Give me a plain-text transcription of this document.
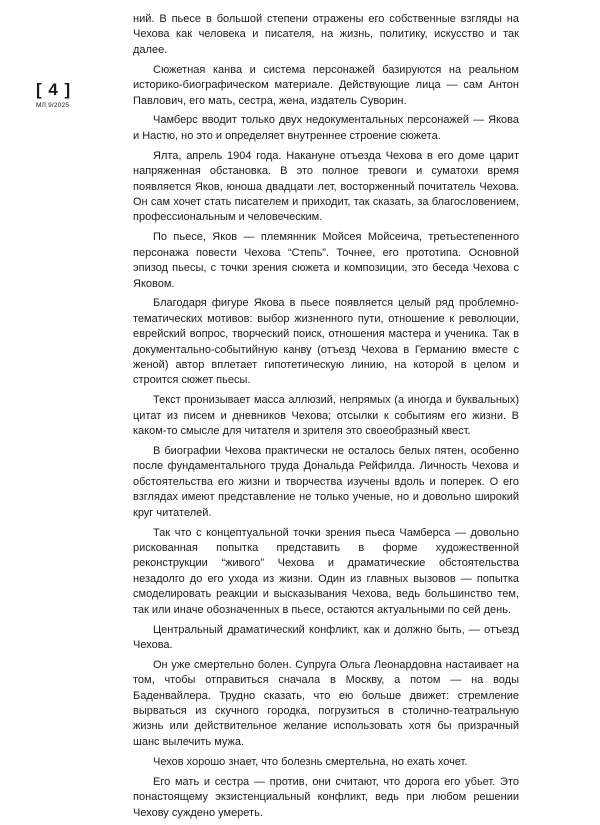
[ 4 ]
МЛ 9/2025

ний. В пьесе в большой степени отражены его собственные взгляды на Чехова как человека и писателя, на жизнь, политику, искусство и так далее.

Сюжетная канва и система персонажей базируются на реальном историко-биографическом материале. Действующие лица — сам Антон Павлович, его мать, сестра, жена, издатель Суворин.

Чамберс вводит только двух недокументальных персонажей — Якова и Настю, но это и определяет внутреннее строение сюжета.

Ялта, апрель 1904 года. Накануне отъезда Чехова в его доме царит напряженная обстановка. В это полное тревоги и суматохи время появляется Яков, юноша двадцати лет, восторженный почитатель Чехова. Он сам хочет стать писателем и приходит, так сказать, за благословением, профессиональным и человеческим.

По пьесе, Яков — племянник Мойсея Мойсеича, третьестепенного персонажа повести Чехова “Степь”. Точнее, его прототипа. Основной эпизод пьесы, с точки зрения сюжета и композиции, это беседа Чехова с Яковом.

Благодаря фигуре Якова в пьесе появляется целый ряд проблемно-тематических мотивов: выбор жизненного пути, отношение к революции, еврейский вопрос, творческий поиск, отношения мастера и ученика. Так в документально-событийную канву (отъезд Чехова в Германию вместе с женой) автор вплетает гипотетическую линию, на которой в целом и строится сюжет пьесы.

Текст пронизывает масса аллюзий, непрямых (а иногда и буквальных) цитат из писем и дневников Чехова; отсылки к событиям его жизни. В каком-то смысле для читателя и зрителя это своеобразный квест.

В биографии Чехова практически не осталось белых пятен, особенно после фундаментального труда Дональда Рейфилда. Личность Чехова и обстоятельства его жизни и творчества изучены вдоль и поперек. О его взглядах имеют представление не только ученые, но и довольно широкий круг читателей.

Так что с концептуальной точки зрения пьеса Чамберса — довольно рискованная попытка представить в форме художественной реконструкции “живого” Чехова и драматические обстоятельства незадолго до его ухода из жизни. Один из главных вызовов — попытка смоделировать реакции и высказывания Чехова, ведь большинство тем, так или иначе обозначенных в пьесе, остаются актуальными по сей день.

Центральный драматический конфликт, как и должно быть, — отъезд Чехова.

Он уже смертельно болен. Супруга Ольга Леонардовна настаивает на том, чтобы отправиться сначала в Москву, а потом — на воды Баденвайлера. Трудно сказать, что ею больше движет: стремление вырваться из скучного городка, погрузиться в столично-театральную жизнь или действительное желание использовать хотя бы призрачный шанс вылечить мужа.

Чехов хорошо знает, что болезнь смертельна, но ехать хочет.

Его мать и сестра — против, они считают, что дорога его убьет. Это понастоящему экзистенциальный конфликт, ведь при любом решении Чехову суждено умереть.
